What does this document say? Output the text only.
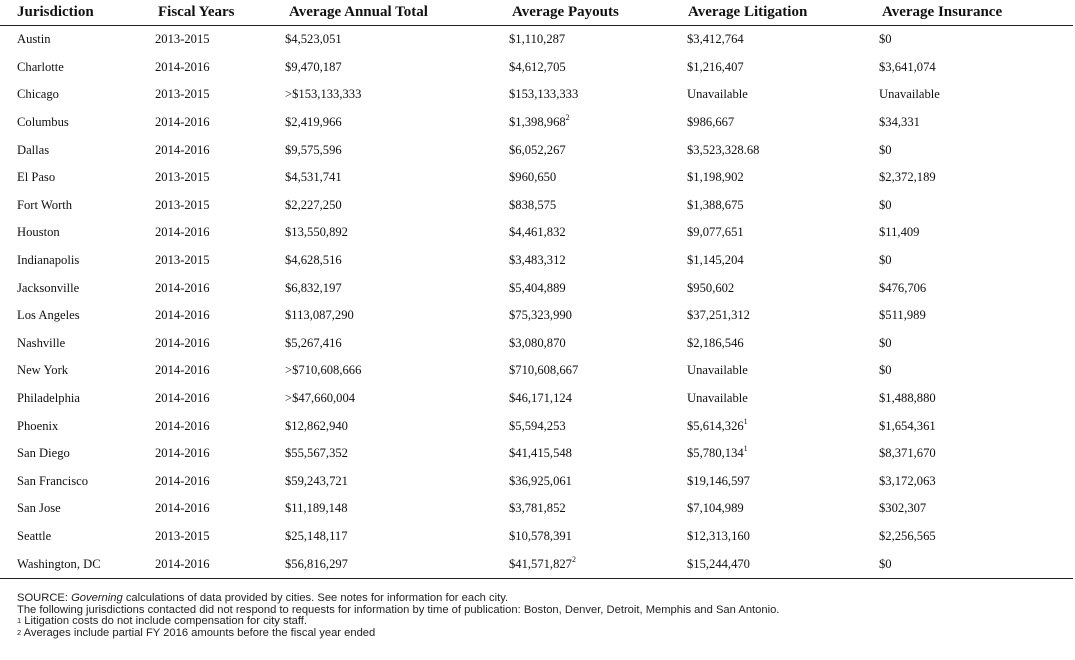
Jurisdiction	Fiscal Years	Average Annual Total	Average Payouts	Average Litigation	Average Insurance
Austin	2013-2015	$4,523,051	$1,110,287	$3,412,764	$0
Charlotte	2014-2016	$9,470,187	$4,612,705	$1,216,407	$3,641,074
Chicago	2013-2015	>$153,133,333	$153,133,333	Unavailable	Unavailable
Columbus	2014-2016	$2,419,966	$1,398,968$^2$	$986,667	$34,331
Dallas	2014-2016	$9,575,596	$6,052,267	$3,523,328.68	$0
El Paso	2013-2015	$4,531,741	$960,650	$1,198,902	$2,372,189
Fort Worth	2013-2015	$2,227,250	$838,575	$1,388,675	$0
Houston	2014-2016	$13,550,892	$4,461,832	$9,077,651	$11,409
Indianapolis	2013-2015	$4,628,516	$3,483,312	$1,145,204	$0
Jacksonville	2014-2016	$6,832,197	$5,404,889	$950,602	$476,706
Los Angeles	2014-2016	$113,087,290	$75,323,990	$37,251,312	$511,989
Nashville	2014-2016	$5,267,416	$3,080,870	$2,186,546	$0
New York	2014-2016	>$710,608,666	$710,608,667	Unavailable	$0
Philadelphia	2014-2016	>$47,660,004	$46,171,124	Unavailable	$1,488,880
Phoenix	2014-2016	$12,862,940	$5,594,253	$5,614,326$^1$	$1,654,361
San Diego	2014-2016	$55,567,352	$41,415,548	$5,780,134$^1$	$8,371,670
San Francisco	2014-2016	$59,243,721	$36,925,061	$19,146,597	$3,172,063
San Jose	2014-2016	$11,189,148	$3,781,852	$7,104,989	$302,307
Seattle	2013-2015	$25,148,117	$10,578,391	$12,313,160	$2,256,565
Washington, DC	2014-2016	$56,816,297	$41,571,827$^2$	$15,244,470	$0
SOURCE: Governing calculations of data provided by cities. See notes for information for each city.
The following jurisdictions contacted did not respond to requests for information by time of publication: Boston, Denver, Detroit, Memphis and San Antonio.
$^1$ Litigation costs do not include compensation for city staff.
$^2$ Averages include partial FY 2016 amounts before the fiscal year ended
